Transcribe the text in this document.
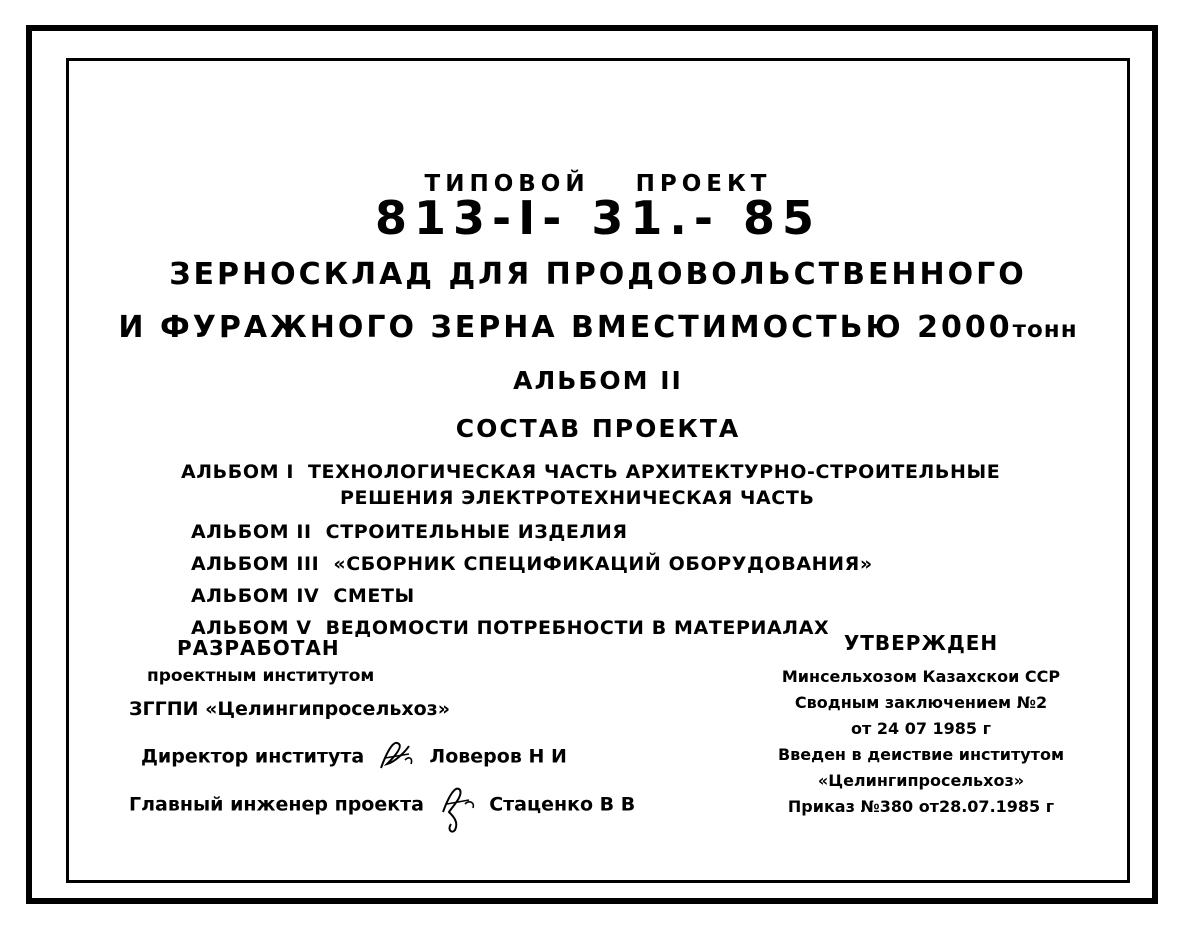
ТИПОВОЙ ПРОЕКТ
813-I- 31.- 85
ЗЕРНОСКЛАД ДЛЯ ПРОДОВОЛЬСТВЕННОГО
И ФУРАЖНОГО ЗЕРНА ВМЕСТИМОСТЬЮ 2000тонн
АЛЬБОМ II
СОСТАВ ПРОЕКТА
АЛЬБОМ I ТЕХНОЛОГИЧЕСКАЯ ЧАСТЬ АРХИТЕКТУРНО-СТРОИТЕЛЬНЫЕ
РЕШЕНИЯ ЭЛЕКТРОТЕХНИЧЕСКАЯ ЧАСТЬ
АЛЬБОМ II СТРОИТЕЛЬНЫЕ ИЗДЕЛИЯ
АЛЬБОМ III «СБОРНИК СПЕЦИФИКАЦИЙ ОБОРУДОВАНИЯ»
АЛЬБОМ IV СМЕТЫ
АЛЬБОМ V ВЕДОМОСТИ ПОТРЕБНОСТИ В МАТЕРИАЛАХ
РАЗРАБОТАН
проектным институтом
ЗГГПИ «Целингипросельхоз»
Директор института	Ловеров Н И
Главный инженер проекта	Стаценко В В
УТВЕРЖДЕН
Минсельхозом Казахскои ССР
Сводным заключением №2
от 24 07 1985 г
Введен в деиствие институтом
«Целингипросельхоз»
Приказ №380 от28.07.1985 г
